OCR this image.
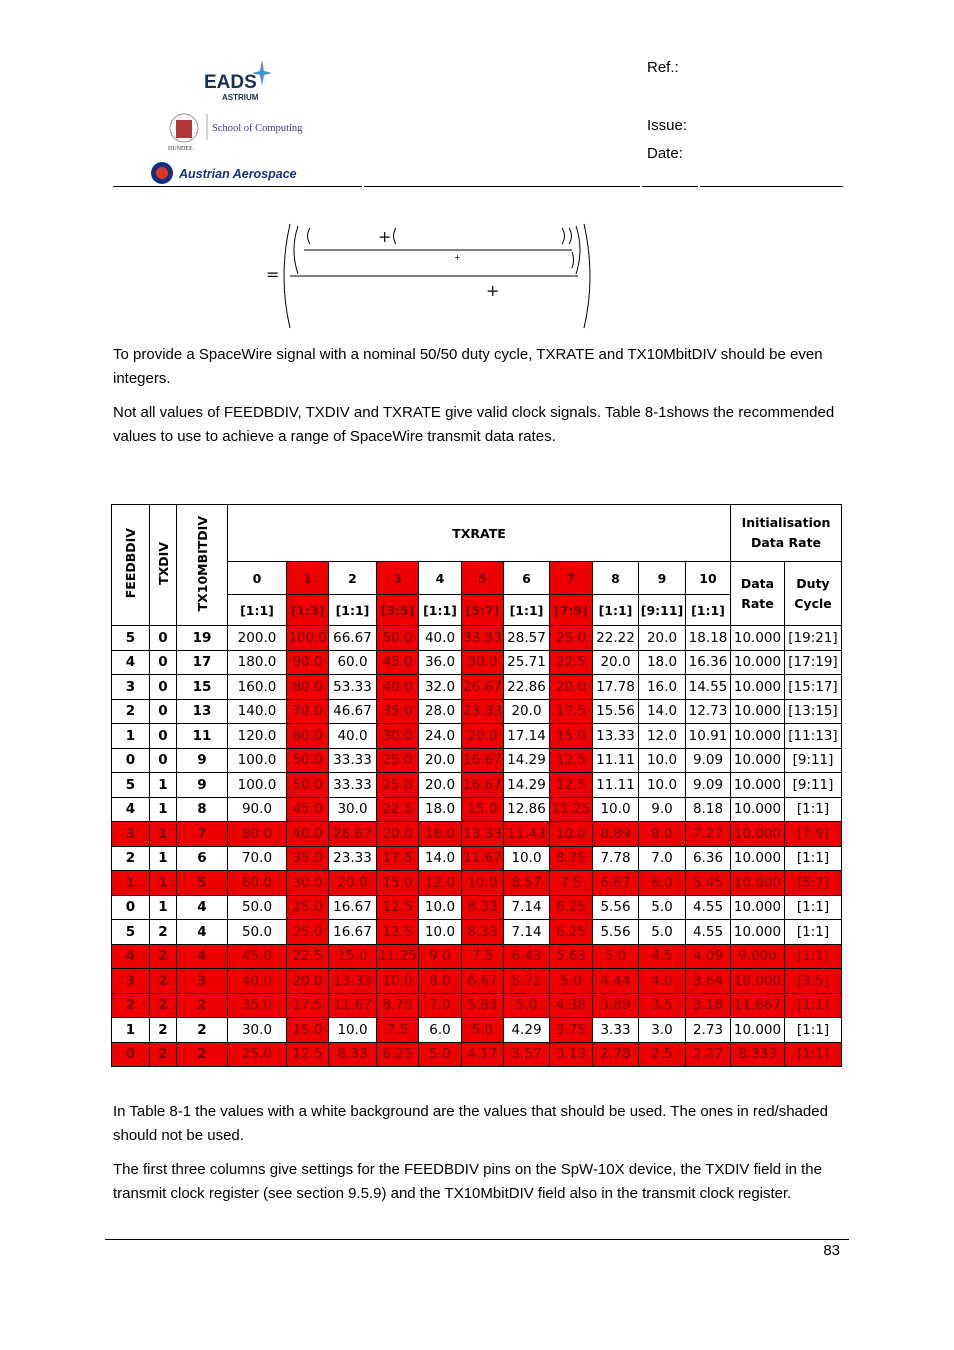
EADS
ASTRIUM
DUNDEE
School of Computing
Austrian Aerospace
Ref.:
Issue:
Date:
=
+
+
+
To provide a SpaceWire signal with a nominal 50/50 duty cycle, TXRATE and TX10MbitDIV should be even integers.
Not all values of FEEDBDIV, TXDIV and TXRATE give valid clock signals. Table 8-1shows the recommended values to use to achieve a range of SpaceWire transmit data rates.
FEEDBDIV	TXDIV	TX10MBITDIV	TXRATE											Initialisation Data Rate	
			0	1	2	3	4	5	6	7	8	9	10	Data Rate	Duty Cycle
			[1:1]	[1:3]	[1:1]	[3:5]	[1:1]	[5:7]	[1:1]	[7:9]	[1:1]	[9:11]	[1:1]		
5	0	19	200.0	100.0	66.67	50.0	40.0	33.33	28.57	25.0	22.22	20.0	18.18	10.000	[19:21]
4	0	17	180.0	90.0	60.0	45.0	36.0	30.0	25.71	22.5	20.0	18.0	16.36	10.000	[17:19]
3	0	15	160.0	80.0	53.33	40.0	32.0	26.67	22.86	20.0	17.78	16.0	14.55	10.000	[15:17]
2	0	13	140.0	70.0	46.67	35.0	28.0	23.33	20.0	17.5	15.56	14.0	12.73	10.000	[13:15]
1	0	11	120.0	60.0	40.0	30.0	24.0	20.0	17.14	15.0	13.33	12.0	10.91	10.000	[11:13]
0	0	9	100.0	50.0	33.33	25.0	20.0	16.67	14.29	12.5	11.11	10.0	9.09	10.000	[9:11]
5	1	9	100.0	50.0	33.33	25.0	20.0	16.67	14.29	12.5	11.11	10.0	9.09	10.000	[9:11]
4	1	8	90.0	45.0	30.0	22.5	18.0	15.0	12.86	11.25	10.0	9.0	8.18	10.000	[1:1]
3	1	7	80.0	40.0	26.67	20.0	16.0	13.33	11.43	10.0	8.89	8.0	7.27	10.000	[7:9]
2	1	6	70.0	35.0	23.33	17.5	14.0	11.67	10.0	8.75	7.78	7.0	6.36	10.000	[1:1]
1	1	5	60.0	30.0	20.0	15.0	12.0	10.0	8.57	7.5	6.67	6.0	5.45	10.000	[5:7]
0	1	4	50.0	25.0	16.67	12.5	10.0	8.33	7.14	6.25	5.56	5.0	4.55	10.000	[1:1]
5	2	4	50.0	25.0	16.67	12.5	10.0	8.33	7.14	6.25	5.56	5.0	4.55	10.000	[1:1]
4	2	4	45.0	22.5	15.0	11.25	9.0	7.5	6.43	5.63	5.0	4.5	4.09	9.000	[1:1]
3	2	3	40.0	20.0	13.33	10.0	8.0	6.67	5.71	5.0	4.44	4.0	3.64	10.000	[3:5]
2	2	2	35.0	17.5	11.67	8.75	7.0	5.83	5.0	4.38	3.89	3.5	3.18	11.667	[1:1]
1	2	2	30.0	15.0	10.0	7.5	6.0	5.0	4.29	3.75	3.33	3.0	2.73	10.000	[1:1]
0	2	2	25.0	12.5	8.33	6.25	5.0	4.17	3.57	3.13	2.78	2.5	2.27	8.333	[1:1]
In Table 8-1 the values with a white background are the values that should be used. The ones in red/shaded should not be used.
The first three columns give settings for the FEEDBDIV pins on the SpW-10X device, the TXDIV field in the transmit clock register (see section 9.5.9) and the TX10MbitDIV field also in the transmit clock register.
83
